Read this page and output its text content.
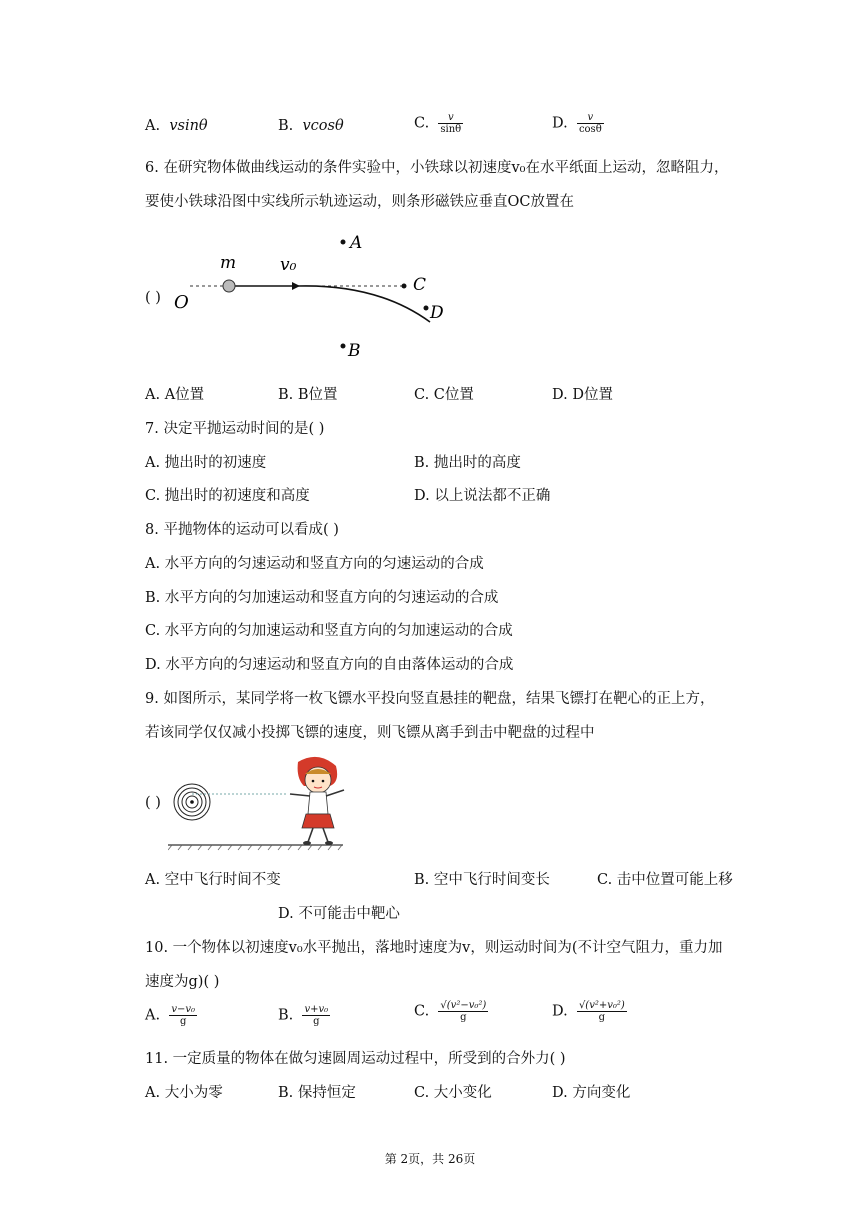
A. vsinθ	B. vcosθ	C. $\frac{v}{\sin\theta}$	D. $\frac{v}{\cos\theta}$
6. 在研究物体做曲线运动的条件实验中，小铁球以初速度v₀在水平纸面上运动，忽略阻力，
要使小铁球沿图中实线所示轨迹运动，则条形磁铁应垂直OC放置在
( ) O
m	v₀
A
C
D
B
A. A位置	B. B位置	C. C位置	D. D位置
7. 决定平抛运动时间的是( )
A. 抛出时的初速度	B. 抛出时的高度
C. 抛出时的初速度和高度	D. 以上说法都不正确
8. 平抛物体的运动可以看成( )
A. 水平方向的匀速运动和竖直方向的匀速运动的合成
B. 水平方向的匀加速运动和竖直方向的匀速运动的合成
C. 水平方向的匀加速运动和竖直方向的匀加速运动的合成
D. 水平方向的匀速运动和竖直方向的自由落体运动的合成
9. 如图所示，某同学将一枚飞镖水平投向竖直悬挂的靶盘，结果飞镖打在靶心的正上方，
若该同学仅仅减小投掷飞镖的速度，则飞镖从离手到击中靶盘的过程中
( )
A. 空中飞行时间不变	B. 空中飞行时间变长	C. 击中位置可能上移
D. 不可能击中靶心
10. 一个物体以初速度v₀水平抛出，落地时速度为v，则运动时间为(不计空气阻力，重力加
速度为g)( )
A. $\frac{\text{v−v₀}}{g}$	B. $\frac{\text{v+v₀}}{g}$	C. $\frac{\text{√(v²−v₀²)}}{g}$	D. $\frac{\text{√(v²+v₀²)}}{g}$
11. 一定质量的物体在做匀速圆周运动过程中，所受到的合外力( )
A. 大小为零	B. 保持恒定	C. 大小变化	D. 方向变化
第 2页，共 26页
